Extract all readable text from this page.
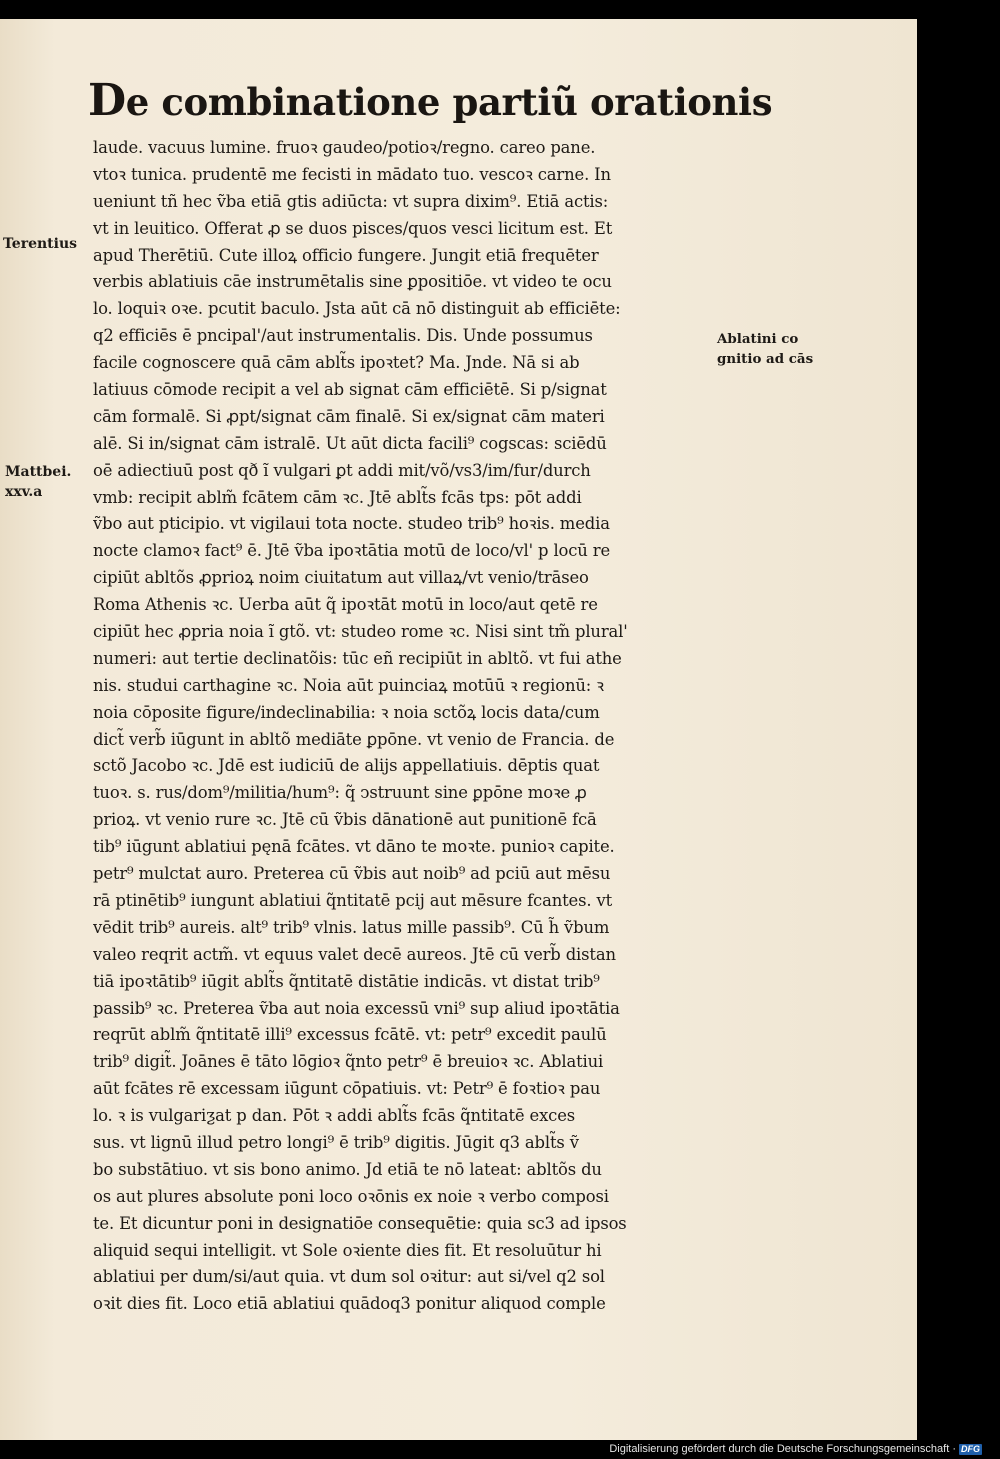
De combinatione partiũ orationis
laude. vacuus lumine. fruoꝛ gaudeo/potioꝛ/regno. careo pane.
vtoꝛ tunica. prudentē me fecisti in mādato tuo. vescoꝛ carne. In
ueniunt tñ hec ṽba etiā gtis adiūcta: vt supra dixim⁹. Etiā actis:
vt in leuitico. Offerat ꝓ se duos pisces/quos vesci licitum est. Et
apud Therētiū. Cute illoꝝ officio fungere. Jungit etiā frequēter
verbis ablatiuis cāe instrumētalis sine ꝑpositiōe. vt video te ocu
lo. loquiꝛ oꝛe. pcutit baculo. Jsta aūt cā nō distinguit ab efficiēte:
q2 efficiēs ē pncipal'/aut instrumentalis. Dis. Unde possumus
facile cognoscere quā cām ablt̃s ipoꝛtet? Ma. Jnde. Nā si ab
latiuus cōmode recipit a vel ab signat cām efficiētē. Si p/signat
cām formalē. Si ꝓpt/signat cām finalē. Si ex/signat cām materi
alē. Si in/signat cām istralē. Ut aūt dicta facili⁹ cogscas: sciēdū
oē adiectiuū post qð ĩ vulgari ꝑt addi mit/võ/vs3/im/fur/durch
vmb: recipit ablm̃ fcātem cām ꝛc. Jtē ablt̃s fcās tps: pōt addi
ṽbo aut pticipio. vt vigilaui tota nocte. studeo trib⁹ hoꝛis. media
nocte clamoꝛ fact⁹ ē. Jtē ṽba ipoꝛtātia motū de loco/vl' p locū re
cipiūt abltõs ꝓprioꝝ noim ciuitatum aut villaꝝ/vt venio/trāseo
Roma Athenis ꝛc. Uerba aūt q̃ ipoꝛtāt motū in loco/aut qetē re
cipiūt hec ꝓpria noia ĩ gtõ. vt: studeo rome ꝛc. Nisi sint tm̃ plural'
numeri: aut tertie declinatõis: tūc eñ recipiūt in abltõ. vt fui athe
nis. studui carthagine ꝛc. Noia aūt puinciaꝝ motūū ꝛ regionū: ꝛ
noia cōposite figure/indeclinabilia: ꝛ noia sctõꝝ locis data/cum
dict̃ verb̃ iūgunt in abltõ mediāte ꝑpōne. vt venio de Francia. de
sctõ Jacobo ꝛc. Jdē est iudiciū de alijs appellatiuis. dēptis quat
tuoꝛ. s. rus/dom⁹/militia/hum⁹: q̃ ↄstruunt sine ꝑpōne moꝛe ꝓ
prioꝝ. vt venio rure ꝛc. Jtē cū ṽbis dānationē aut punitionē fcā
tib⁹ iūgunt ablatiui pęnā fcātes. vt dāno te moꝛte. punioꝛ capite.
petr⁹ mulctat auro. Preterea cū ṽbis aut noib⁹ ad pciū aut mēsu
rā ptinētib⁹ iungunt ablatiui q̃ntitatē pcij aut mēsure fcantes. vt
vēdit trib⁹ aureis. alt⁹ trib⁹ vlnis. latus mille passib⁹. Cū h̃ ṽbum
valeo reqrit actm̃. vt equus valet decē aureos. Jtē cū verb̃ distan
tiā ipoꝛtātib⁹ iūgit ablt̃s q̃ntitatē distātie indicās. vt distat trib⁹
passib⁹ ꝛc. Preterea ṽba aut noia excessū vni⁹ sup aliud ipoꝛtātia
reqrūt ablm̃ q̃ntitatē illi⁹ excessus fcātē. vt: petr⁹ excedit paulū
trib⁹ digit̃. Joānes ē tāto lōgioꝛ q̃nto petr⁹ ē breuioꝛ ꝛc. Ablatiui
aūt fcātes rē excessam iūgunt cōpatiuis. vt: Petr⁹ ē foꝛtioꝛ pau
lo. ꝛ is vulgariƺat p dan. Pōt ꝛ addi ablt̃s fcās q̃ntitatē exces
sus. vt lignū illud petro longi⁹ ē trib⁹ digitis. Jūgit q3 ablt̃s ṽ
bo substātiuo. vt sis bono animo. Jd etiā te nō lateat: abltõs du
os aut plures absolute poni loco oꝛōnis ex noie ꝛ verbo composi
te. Et dicuntur poni in designatiōe consequētie: quia sc3 ad ipsos
aliquid sequi intelligit. vt Sole oꝛiente dies fit. Et resoluūtur hi
ablatiui per dum/si/aut quia. vt dum sol oꝛitur: aut si/vel q2 sol
oꝛit dies fit. Loco etiā ablatiui quādoq3 ponitur aliquod comple
Terentius
Ablatini co
gnitio ad cās
Mattbei.
xxv.a
Digitalisierung gefördert durch die Deutsche Forschungsgemeinschaft · DFG
